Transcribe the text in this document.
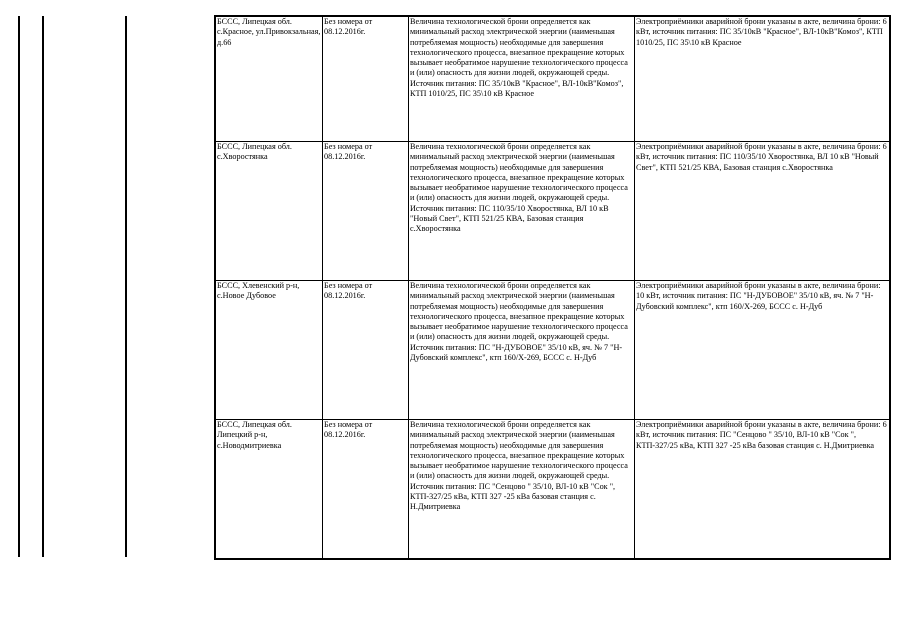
БССС, Липецкая обл. с.Красное, ул.Привокзальная, д.66	Без номера от 08.12.2016г.	Величина технологической брони определяется как минимальный расход электрической энергии (наименьшая потребляемая мощность) необходимые для завершения технологического процесса, внезапное прекращение которых вызывает необратимое нарушение технологического процесса и (или) опасность для жизни людей, окружающей среды. Источник питания: ПС 35/10кВ "Красное", ВЛ-10кВ"Комоз", КТП 1010/25, ПС 35\10 кВ Красное	Электроприёмники аварийной брони указаны в акте, величина брони: 6 кВт, источник питания: ПС 35/10кВ "Красное", ВЛ-10кВ"Комоз", КТП 1010/25, ПС 35\10 кВ Красное
БССС, Липецкая обл. с.Хворостянка	Без номера от 08.12.2016г.	Величина технологической брони определяется как минимальный расход электрической энергии (наименьшая потребляемая мощность) необходимые для завершения технологического процесса, внезапное прекращение которых вызывает необратимое нарушение технологического процесса и (или) опасность для жизни людей, окружающей среды. Источник питания: ПС 110/35/10 Хворостянка, ВЛ 10 кВ "Новый Свет", КТП 521/25 КВА, Базовая станция с.Хворостянка	Электроприёмники аварийной брони указаны в акте, величина брони: 6 кВт, источник питания: ПС 110/35/10 Хворостянка, ВЛ 10 кВ "Новый Свет", КТП 521/25 КВА, Базовая станция с.Хворостянка
БССС, Хлевенский р-н, с.Новое Дубовое	Без номера от 08.12.2016г.	Величина технологической брони определяется как минимальный расход электрической энергии (наименьшая потребляемая мощность) необходимые для завершения технологического процесса, внезапное прекращение которых вызывает необратимое нарушение технологического процесса и (или) опасность для жизни людей, окружающей среды. Источник питания: ПС "Н-ДУБОВОЕ" 35/10 кВ, яч. № 7 "Н-Дубовский комплекс", ктп 160/Х-269, БССС с. Н-Дуб	Электроприёмники аварийной брони указаны в акте, величина брони: 10 кВт, источник питания: ПС "Н-ДУБОВОЕ" 35/10 кВ, яч. № 7 "Н-Дубовский комплекс", ктп 160/Х-269, БССС с. Н-Дуб
БССС, Липецкая обл. Липецкий р-н, с.Новодмитриевка	Без номера от 08.12.2016г.	Величина технологической брони определяется как минимальный расход электрической энергии (наименьшая потребляемая мощность) необходимые для завершения технологического процесса, внезапное прекращение которых вызывает необратимое нарушение технологического процесса и (или) опасность для жизни людей, окружающей среды. Источник питания: ПС "Сенцово " 35/10, ВЛ-10 кВ "Сок ", КТП-327/25 кВа, КТП 327 -25 кВа базовая станция с. Н.Дмитриевка	Электроприёмники аварийной брони указаны в акте, величина брони: 6 кВт, источник питания: ПС "Сенцово " 35/10, ВЛ-10 кВ "Сок ", КТП-327/25 кВа, КТП 327 -25 кВа базовая станция с. Н.Дмитриевка
